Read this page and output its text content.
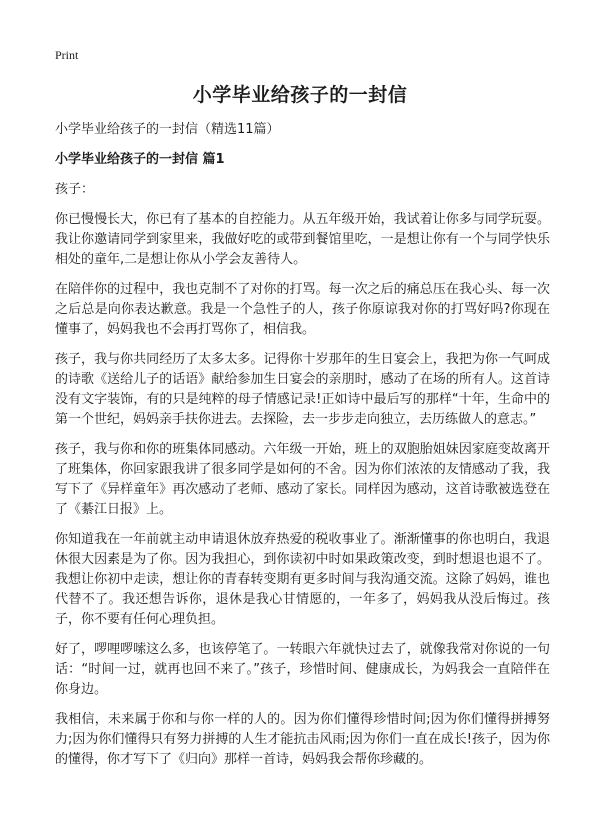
Print
小学毕业给孩子的一封信

小学毕业给孩子的一封信（精选11篇）

小学毕业给孩子的一封信 篇1

孩子：

你已慢慢长大，你已有了基本的自控能力。从五年级开始，我试着让你多与同学玩耍。我让你邀请同学到家里来，我做好吃的或带到餐馆里吃，一是想让你有一个与同学快乐相处的童年,二是想让你从小学会友善待人。

在陪伴你的过程中，我也克制不了对你的打骂。每一次之后的痛总压在我心头、每一次之后总是向你表达歉意。我是一个急性子的人，孩子你原谅我对你的打骂好吗?你现在懂事了，妈妈我也不会再打骂你了，相信我。

孩子，我与你共同经历了太多太多。记得你十岁那年的生日宴会上，我把为你一气呵成的诗歌《送给儿子的话语》献给参加生日宴会的亲朋时，感动了在场的所有人。这首诗没有文字装饰，有的只是纯粹的母子情感记录!正如诗中最后写的那样“十年，生命中的第一个世纪，妈妈亲手扶你进去。去探险，去一步步走向独立，去历练做人的意志。”

孩子，我与你和你的班集体同感动。六年级一开始，班上的双胞胎姐妹因家庭变故离开了班集体，你回家跟我讲了很多同学是如何的不舍。因为你们浓浓的友情感动了我，我写下了《异样童年》再次感动了老师、感动了家长。同样因为感动，这首诗歌被选登在了《綦江日报》上。

你知道我在一年前就主动申请退休放弃热爱的税收事业了。渐渐懂事的你也明白，我退休很大因素是为了你。因为我担心，到你读初中时如果政策改变，到时想退也退不了。我想让你初中走读，想让你的青春转变期有更多时间与我沟通交流。这除了妈妈，谁也代替不了。我还想告诉你，退休是我心甘情愿的，一年多了，妈妈我从没后悔过。孩子，你不要有任何心理负担。

好了，啰哩啰嗦这么多，也该停笔了。一转眼六年就快过去了，就像我常对你说的一句话：“时间一过，就再也回不来了。”孩子，珍惜时间、健康成长，为妈我会一直陪伴在你身边。

我相信，未来属于你和与你一样的人的。因为你们懂得珍惜时间;因为你们懂得拼搏努力;因为你们懂得只有努力拼搏的人生才能抗击风雨;因为你们一直在成长!孩子，因为你的懂得，你才写下了《归向》那样一首诗，妈妈我会帮你珍藏的。
